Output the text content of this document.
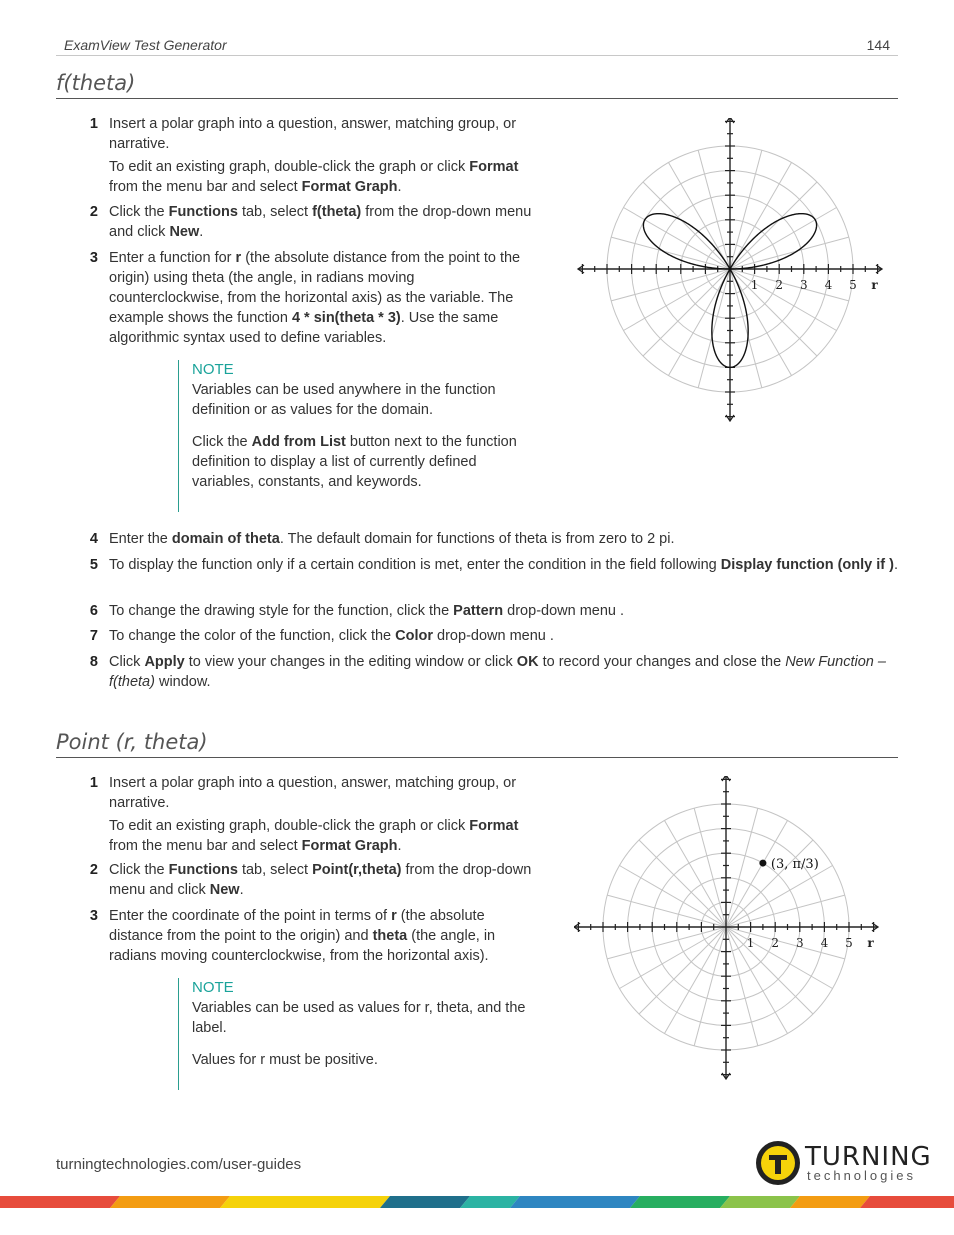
ExamView Test Generator	144
f(theta)
1 Insert a polar graph into a question, answer, matching group, or narrative.

To edit an existing graph, double-click the graph or click Format from the menu bar and select Format Graph.

2 Click the Functions tab, select f(theta) from the drop-down menu and click New.

3 Enter a function for r (the absolute distance from the point to the origin) using theta (the angle, in radians moving counterclockwise, from the horizontal axis) as the variable. The example shows the function 4 * sin(theta * 3). Use the same algorithmic syntax used to define variables.

NOTE

Variables can be used anywhere in the function definition or as values for the domain.

Click the Add from List button next to the function definition to display a list of currently defined variables, constants, and keywords.

4 Enter the domain of theta. The default domain for functions of theta is from zero to 2 pi.

5 To display the function only if a certain condition is met, enter the condition in the field following Display function (only if ).

6 To change the drawing style for the function, click the Pattern drop-down menu .

7 To change the color of the function, click the Color drop-down menu .

8 Click Apply to view your changes in the editing window or click OK to record your changes and close the New Function – f(theta) window.

1 2 3 4 5 r
Point (r, theta)
1 Insert a polar graph into a question, answer, matching group, or narrative.

To edit an existing graph, double-click the graph or click Format from the menu bar and select Format Graph.

2 Click the Functions tab, select Point(r,theta) from the drop-down menu and click New.

3 Enter the coordinate of the point in terms of r (the absolute distance from the point to the origin) and theta (the angle, in radians moving counterclockwise, from the horizontal axis).

NOTE

Variables can be used as values for r, theta, and the label.

Values for r must be positive.

1 2 3 4 5 r
(3, π/3)
turningtechnologies.com/user-guides	TURNING
technologies
